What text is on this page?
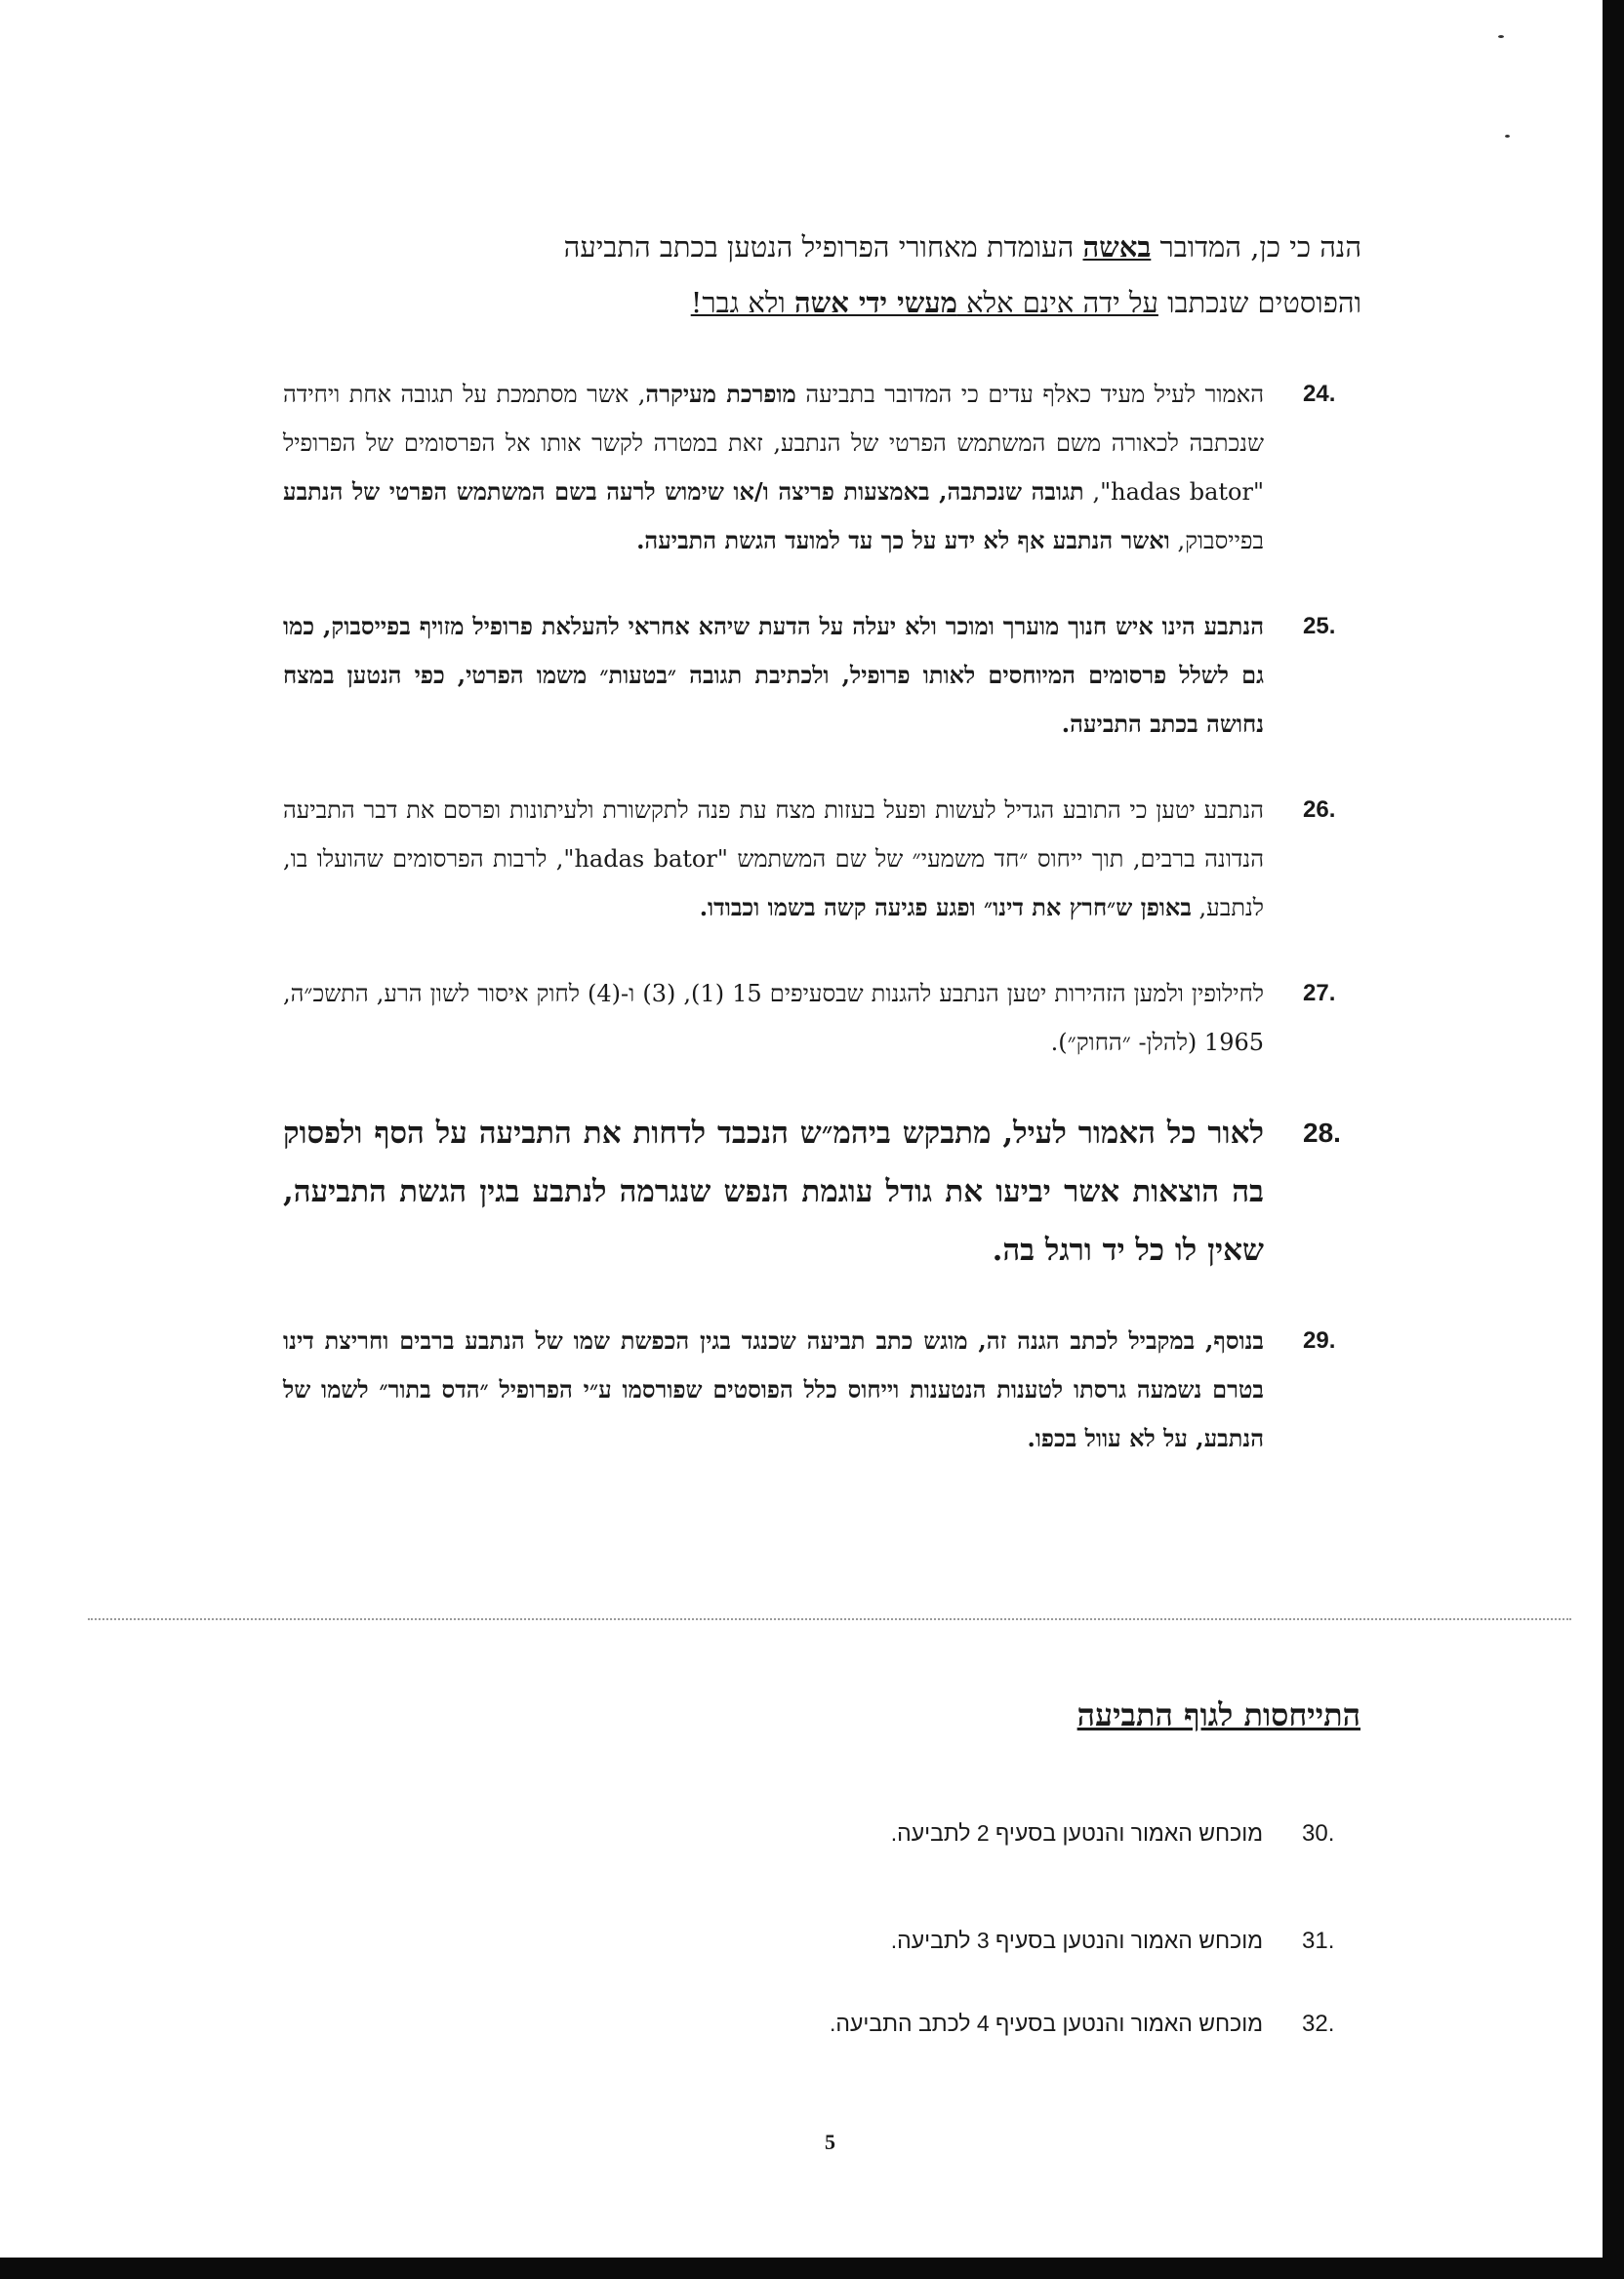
הנה כי כן, המדובר באשה העומדת מאחורי הפרופיל הנטען בכתב התביעה
והפוסטים שנכתבו על ידה אינם אלא מעשי ידי אשה ולא גבר!

.24
האמור לעיל מעיד כאלף עדים כי המדובר בתביעה מופרכת מעיקרה, אשר מסתמכת על תגובה אחת ויחידה שנכתבה לכאורה משם המשתמש הפרטי של הנתבע, זאת במטרה לקשר אותו אל הפרסומים של הפרופיל "hadas bator", תגובה שנכתבה, באמצעות פריצה ו/או שימוש לרעה בשם המשתמש הפרטי של הנתבע בפייסבוק, ואשר הנתבע אף לא ידע על כך עד למועד הגשת התביעה.
.25
הנתבע הינו איש חנוך מוערך ומוכר ולא יעלה על הדעת שיהא אחראי להעלאת פרופיל מזויף בפייסבוק, כמו גם לשלל פרסומים המיוחסים לאותו פרופיל, ולכתיבת תגובה ״בטעות״ משמו הפרטי, כפי הנטען במצח נחושה בכתב התביעה.
.26
הנתבע יטען כי התובע הגדיל לעשות ופעל בעזות מצח עת פנה לתקשורת ולעיתונות ופרסם את דבר התביעה הנדונה ברבים, תוך ייחוס ״חד משמעי״ של שם המשתמש "hadas bator", לרבות הפרסומים שהועלו בו, לנתבע, באופן ש״חרץ את דינו״ ופגע פגיעה קשה בשמו וכבודו.
.27
לחילופין ולמען הזהירות יטען הנתבע להגנות שבסעיפים 15 (1), (3) ו-(4) לחוק איסור לשון הרע, התשכ״ה, 1965 (להלן- ״החוק״).
.28
לאור כל האמור לעיל, מתבקש ביהמ״ש הנכבד לדחות את התביעה על הסף ולפסוק בה הוצאות אשר יביעו את גודל עוגמת הנפש שנגרמה לנתבע בגין הגשת התביעה, שאין לו כל יד ורגל בה.
.29
בנוסף, במקביל לכתב הגנה זה, מוגש כתב תביעה שכנגד בגין הכפשת שמו של הנתבע ברבים וחריצת דינו בטרם נשמעה גרסתו לטענות הנטענות וייחוס כלל הפוסטים שפורסמו ע״י הפרופיל ״הדס בתור״ לשמו של הנתבע, על לא עוול בכפו.
התייחסות לגוף התביעה
.30
מוכחש האמור והנטען בסעיף 2 לתביעה.
.31
מוכחש האמור והנטען בסעיף 3 לתביעה.
.32
מוכחש האמור והנטען בסעיף 4 לכתב התביעה.
5
